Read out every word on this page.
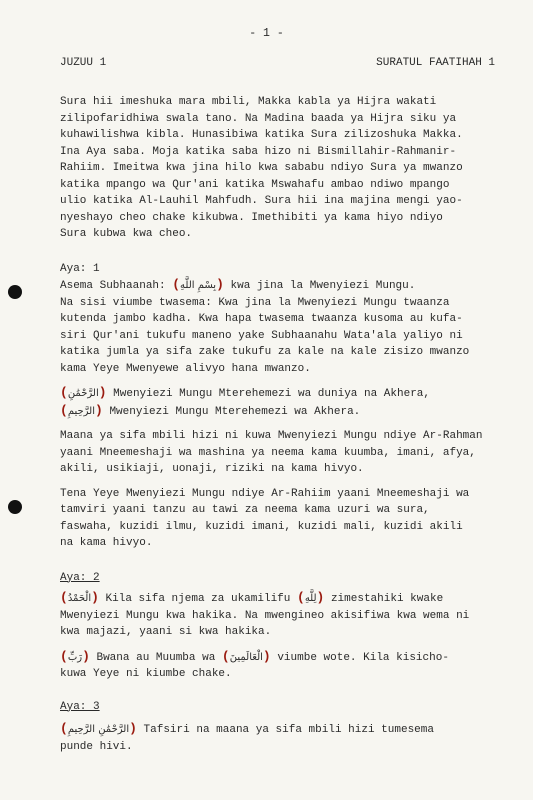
- 1 -
JUZUU 1	SURATUL FAATIHAH 1

Sura hii imeshuka mara mbili, Makka kabla ya Hijra wakati

zilipofaridhiwa swala tano. Na Madina baada ya Hijra siku ya

kuhawilishwa kibla. Hunasibiwa katika Sura zilizoshuka Makka.

Ina Aya saba. Moja katika saba hizo ni Bismillahir-Rahmanir-

Rahiim. Imeitwa kwa jina hilo kwa sababu ndiyo Sura ya mwanzo

katika mpango wa Qur'ani katika Mswahafu ambao ndiwo mpango

ulio katika Al-Lauhil Mahfudh. Sura hii ina majina mengi yao-

nyeshayo cheo chake kikubwa. Imethibiti ya kama hiyo ndiyo

Sura kubwa kwa cheo.

Aya: 1

Asema Subhaanah: (بِسْمِ اللَّهِ) kwa jina la Mwenyiezi Mungu.

Na sisi viumbe twasema: Kwa jina la Mwenyiezi Mungu twaanza

kutenda jambo kadha. Kwa hapa twasema twaanza kusoma au kufa-

siri Qur'ani tukufu maneno yake Subhaanahu Wata'ala yaliyo ni

katika jumla ya sifa zake tukufu za kale na kale zisizo mwanzo

kama Yeye Mwenyewe alivyo hana mwanzo.

(الرَّحْمَٰنِ) Mwenyiezi Mungu Mterehemezi wa duniya na Akhera,

(الرَّحِيمِ) Mwenyiezi Mungu Mterehemezi wa Akhera.

Maana ya sifa mbili hizi ni kuwa Mwenyiezi Mungu ndiye Ar-Rahman

yaani Mneemeshaji wa mashina ya neema kama kuumba, imani, afya,

akili, usikiaji, uonaji, riziki na kama hivyo.

Tena Yeye Mwenyiezi Mungu ndiye Ar-Rahiim yaani Mneemeshaji wa

tamviri yaani tanzu au tawi za neema kama uzuri wa sura,

faswaha, kuzidi ilmu, kuzidi imani, kuzidi mali, kuzidi akili

na kama hivyo.

Aya: 2

(الْحَمْدُ) Kila sifa njema za ukamilifu (لِلَّهِ) zimestahiki kwake

Mwenyiezi Mungu kwa hakika. Na mwengineo akisifiwa kwa wema ni

kwa majazi, yaani si kwa hakika.

(رَبِّ) Bwana au Muumba wa (الْعَالَمِينَ) viumbe wote. Kila kisicho-

kuwa Yeye ni kiumbe chake.

Aya: 3

(الرَّحْمَٰنِ الرَّحِيمِ) Tafsiri na maana ya sifa mbili hizi tumesema

punde hivi.
